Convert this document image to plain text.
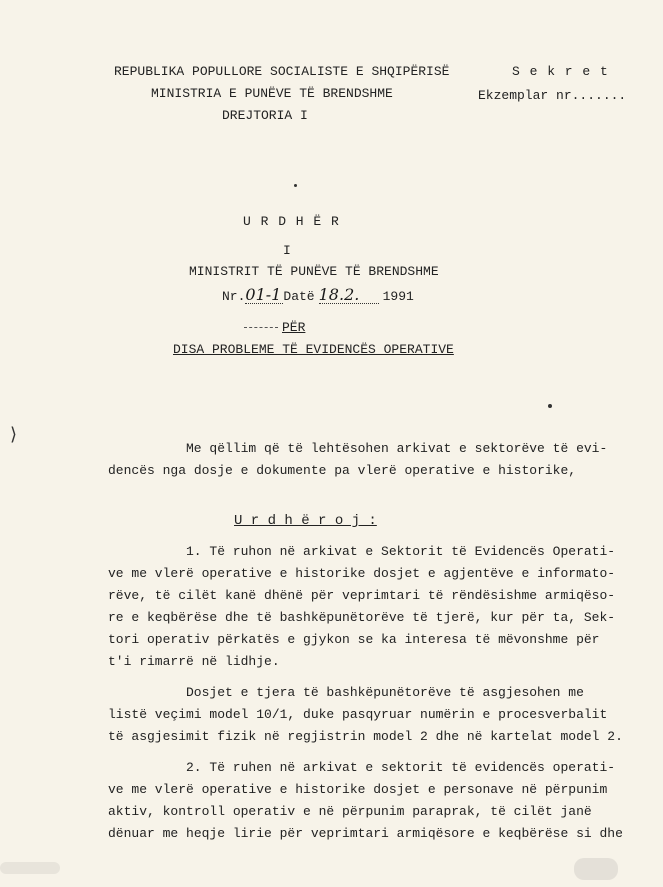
REPUBLIKA POPULLORE SOCIALISTE E SHQIPËRISË
MINISTRIA E PUNËVE TË BRENDSHME
DREJTORIA I
S e k r e t
Ekzemplar nr.......
U R D H Ë R
I
MINISTRIT TË PUNËVE TË BRENDSHME
Nr.01-1 Datë 18.2. 1991
PËR
DISA PROBLEME TË EVIDENCËS OPERATIVE
⟩
Me qëllim që të lehtësohen arkivat e sektorëve të evi-
dencës nga dosje e dokumente pa vlerë operative e historike,
U r d h ë r o j :
1. Të ruhon në arkivat e Sektorit të Evidencës Operati-
ve me vlerë operative e historike dosjet e agjentëve e informato-
rëve, të cilët kanë dhënë për veprimtari të rëndësishme armiqëso-
re e keqbërëse dhe të bashkëpunëtorëve të tjerë, kur për ta, Sek-
tori operativ përkatës e gjykon se ka interesa të mëvonshme për
t'i rimarrë në lidhje.
Dosjet e tjera të bashkëpunëtorëve të asgjesohen me
listë veçimi model 10/1, duke pasqyruar numërin e procesverbalit
të asgjesimit fizik në regjistrin model 2 dhe në kartelat model 2.
2. Të ruhen në arkivat e sektorit të evidencës operati-
ve me vlerë operative e historike dosjet e personave në përpunim
aktiv, kontroll operativ e në përpunim paraprak, të cilët janë
dënuar me heqje lirie për veprimtari armiqësore e keqbërëse si dhe
